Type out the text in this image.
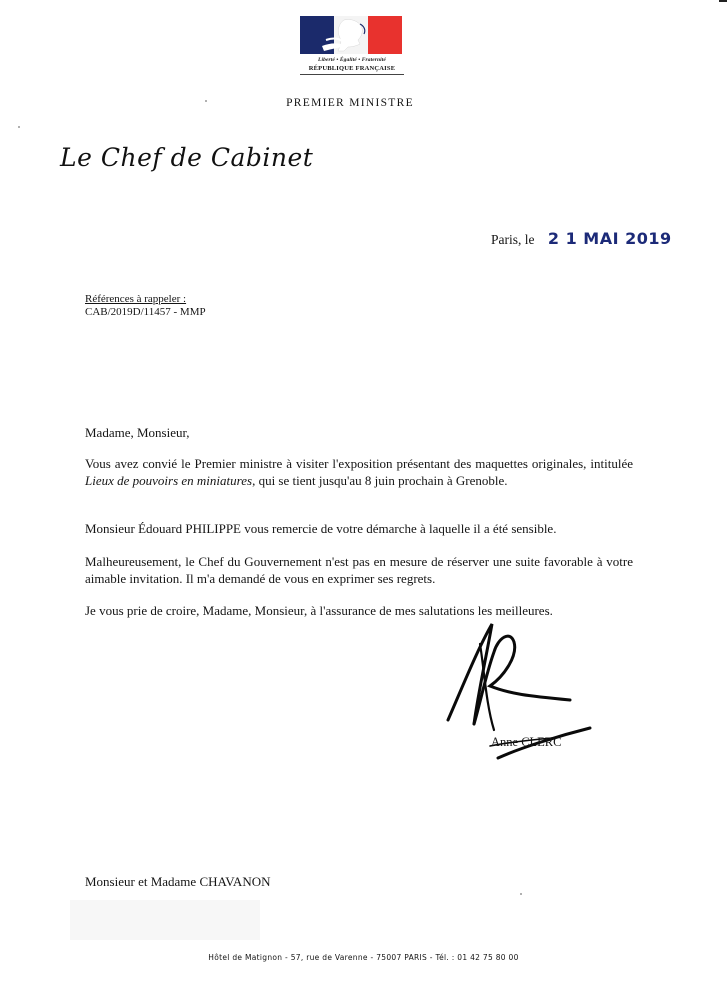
Liberté • Égalité • Fraternité
RÉPUBLIQUE FRANÇAISE
PREMIER MINISTRE
Le Chef de Cabinet
Paris, le 2 1 MAI 2019
Références à rappeler :
CAB/2019D/11457 - MMP

Madame, Monsieur,

Vous avez convié le Premier ministre à visiter l'exposition présentant des maquettes originales, intitulée Lieux de pouvoirs en miniatures, qui se tient jusqu'au 8 juin prochain à Grenoble.

Monsieur Édouard PHILIPPE vous remercie de votre démarche à laquelle il a été sensible.

Malheureusement, le Chef du Gouvernement n'est pas en mesure de réserver une suite favorable à votre aimable invitation. Il m'a demandé de vous en exprimer ses regrets.

Je vous prie de croire, Madame, Monsieur, à l'assurance de mes salutations les meilleures.

Anne CLERC
Monsieur et Madame CHAVANON
Hôtel de Matignon - 57, rue de Varenne - 75007 PARIS - Tél. : 01 42 75 80 00
